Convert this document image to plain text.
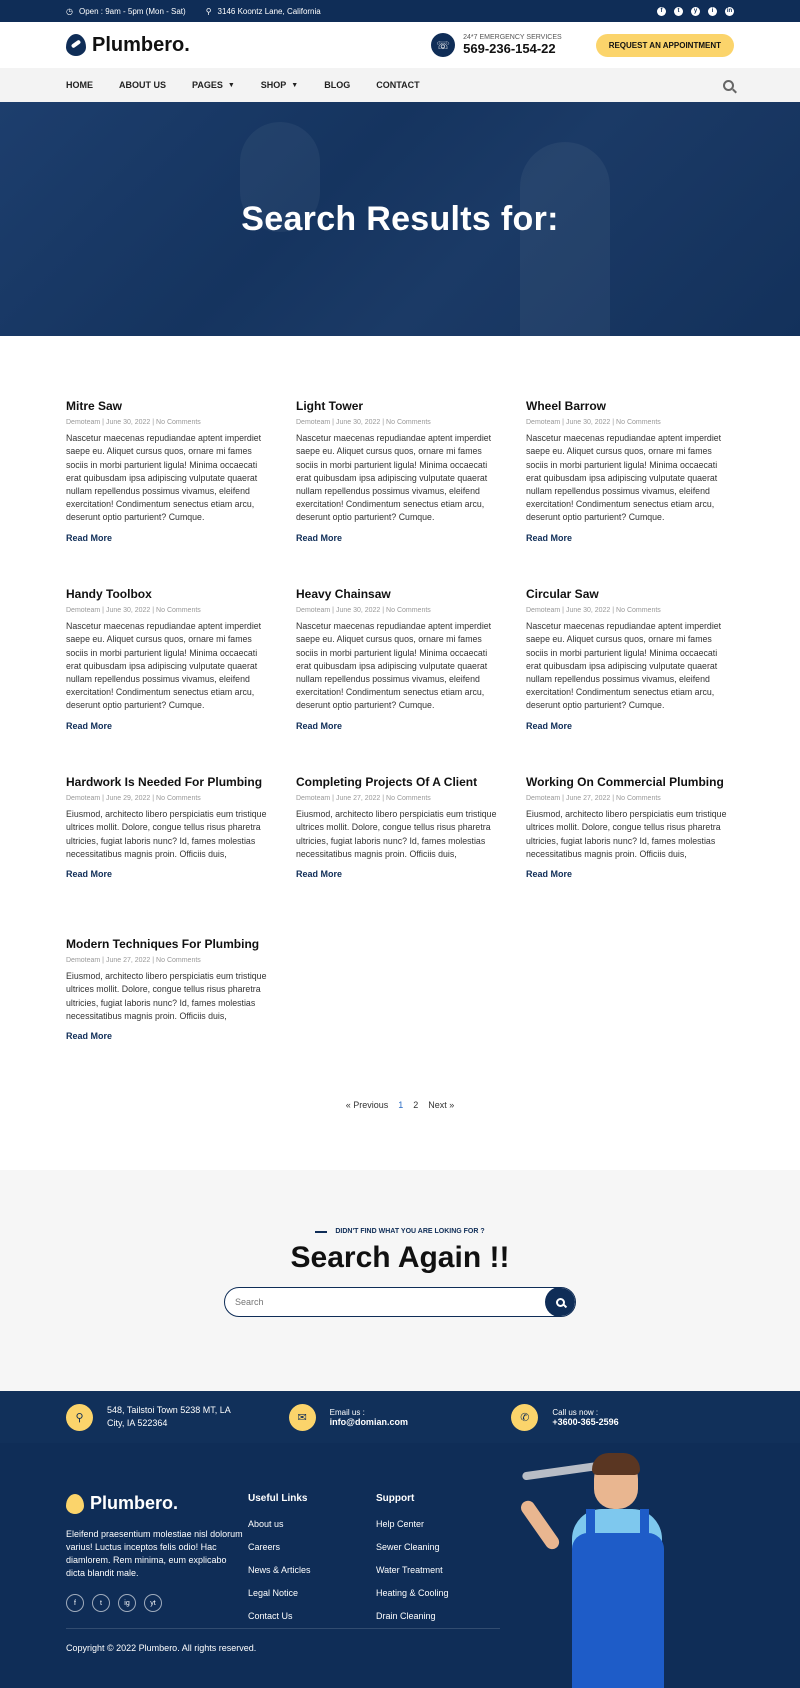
◷ Open : 9am - 5pm (Mon - Sat)	⚲ 3146 Koontz Lane, California	f	t	y	i	in
Plumbero.	☏
24*7 EMERGENCY SERVICES
569-236-154-22	REQUEST AN APPOINTMENT
HOME	ABOUT US	PAGES ▼	SHOP ▼	BLOG	CONTACT
Search Results for:
Mitre Saw
Demoteam | June 30, 2022 | No Comments

Nascetur maecenas repudiandae aptent imperdiet saepe eu. Aliquet cursus quos, ornare mi fames sociis in morbi parturient ligula! Minima occaecati erat quibusdam ipsa adipiscing vulputate quaerat nullam repellendus possimus vivamus, eleifend exercitation! Condimentum senectus etiam arcu, deserunt optio parturient? Cumque.

Read More
Light Tower
Demoteam | June 30, 2022 | No Comments

Nascetur maecenas repudiandae aptent imperdiet saepe eu. Aliquet cursus quos, ornare mi fames sociis in morbi parturient ligula! Minima occaecati erat quibusdam ipsa adipiscing vulputate quaerat nullam repellendus possimus vivamus, eleifend exercitation! Condimentum senectus etiam arcu, deserunt optio parturient? Cumque.

Read More
Wheel Barrow
Demoteam | June 30, 2022 | No Comments

Nascetur maecenas repudiandae aptent imperdiet saepe eu. Aliquet cursus quos, ornare mi fames sociis in morbi parturient ligula! Minima occaecati erat quibusdam ipsa adipiscing vulputate quaerat nullam repellendus possimus vivamus, eleifend exercitation! Condimentum senectus etiam arcu, deserunt optio parturient? Cumque.

Read More
Handy Toolbox
Demoteam | June 30, 2022 | No Comments

Nascetur maecenas repudiandae aptent imperdiet saepe eu. Aliquet cursus quos, ornare mi fames sociis in morbi parturient ligula! Minima occaecati erat quibusdam ipsa adipiscing vulputate quaerat nullam repellendus possimus vivamus, eleifend exercitation! Condimentum senectus etiam arcu, deserunt optio parturient? Cumque.

Read More
Heavy Chainsaw
Demoteam | June 30, 2022 | No Comments

Nascetur maecenas repudiandae aptent imperdiet saepe eu. Aliquet cursus quos, ornare mi fames sociis in morbi parturient ligula! Minima occaecati erat quibusdam ipsa adipiscing vulputate quaerat nullam repellendus possimus vivamus, eleifend exercitation! Condimentum senectus etiam arcu, deserunt optio parturient? Cumque.

Read More
Circular Saw
Demoteam | June 30, 2022 | No Comments

Nascetur maecenas repudiandae aptent imperdiet saepe eu. Aliquet cursus quos, ornare mi fames sociis in morbi parturient ligula! Minima occaecati erat quibusdam ipsa adipiscing vulputate quaerat nullam repellendus possimus vivamus, eleifend exercitation! Condimentum senectus etiam arcu, deserunt optio parturient? Cumque.

Read More
Hardwork Is Needed For Plumbing
Demoteam | June 29, 2022 | No Comments

Eiusmod, architecto libero perspiciatis eum tristique ultrices mollit. Dolore, congue tellus risus pharetra ultricies, fugiat laboris nunc? Id, fames molestias necessitatibus magnis proin. Officiis duis,

Read More
Completing Projects Of A Client
Demoteam | June 27, 2022 | No Comments

Eiusmod, architecto libero perspiciatis eum tristique ultrices mollit. Dolore, congue tellus risus pharetra ultricies, fugiat laboris nunc? Id, fames molestias necessitatibus magnis proin. Officiis duis,

Read More
Working On Commercial Plumbing
Demoteam | June 27, 2022 | No Comments

Eiusmod, architecto libero perspiciatis eum tristique ultrices mollit. Dolore, congue tellus risus pharetra ultricies, fugiat laboris nunc? Id, fames molestias necessitatibus magnis proin. Officiis duis,

Read More
Modern Techniques For Plumbing
Demoteam | June 27, 2022 | No Comments

Eiusmod, architecto libero perspiciatis eum tristique ultrices mollit. Dolore, congue tellus risus pharetra ultricies, fugiat laboris nunc? Id, fames molestias necessitatibus magnis proin. Officiis duis,

Read More
« Previous 1 2 Next »
DIDN'T FIND WHAT YOU ARE LOKING FOR ?
Search Again !!
Search
⚲
548, Tailstoi Town 5238 MT, LA
City, IA 522364	✉	Email us :
info@domian.com	✆	Call us now :
+3600-365-2596
Plumbero.

Eleifend praesentium molestiae nisl dolorum varius! Luctus inceptos felis odio! Hac diamlorem. Rem minima, eum explicabo dicta blandit male.

f	t	ig	yt
Useful Links
About us
Careers
News & Articles
Legal Notice
Contact Us
Support
Help Center
Sewer Cleaning
Water Treatment
Heating & Cooling
Drain Cleaning
Copyright © 2022 Plumbero. All rights reserved.
